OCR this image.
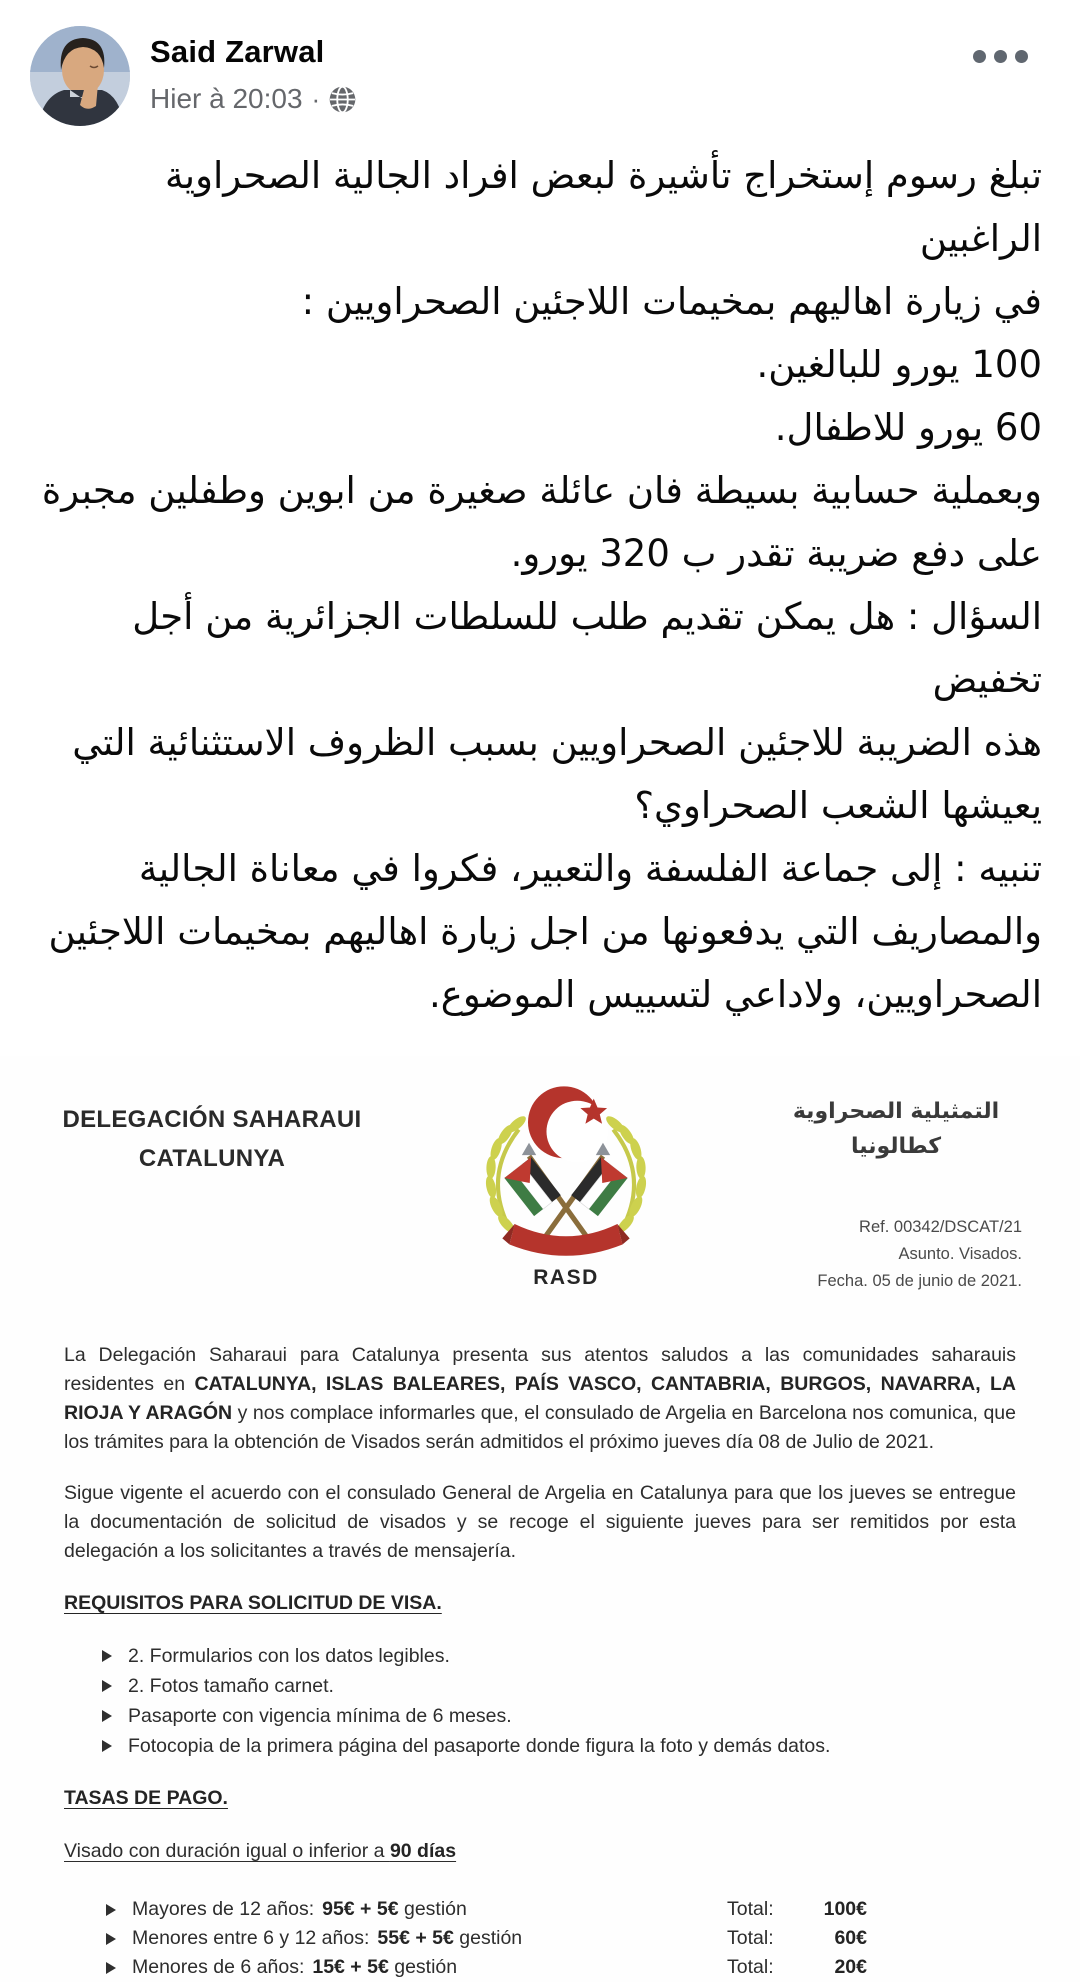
Said Zarwal
Hier à 20:03 ·
تبلغ رسوم إستخراج تأشيرة لبعض افراد الجالية الصحراوية الراغبين
في زيارة اهاليهم بمخيمات اللاجئين الصحراويين :
100 يورو للبالغين.
60 يورو للاطفال.
وبعملية حسابية بسيطة فان عائلة صغيرة من ابوين وطفلين مجبرة
على دفع ضريبة تقدر ب 320 يورو.
السؤال : هل يمكن تقديم طلب للسلطات الجزائرية من أجل تخفيض
هذه الضريبة للاجئين الصحراويين بسبب الظروف الاستثنائية التي
يعيشها الشعب الصحراوي؟
تنبيه : إلى جماعة الفلسفة والتعبير، فكروا في معاناة الجالية
والمصاريف التي يدفعونها من اجل زيارة اهاليهم بمخيمات اللاجئين
الصحراويين، ولاداعي لتسييس الموضوع.
DELEGACIÓN SAHARAUI
CATALUNYA
RASD
التمثيلية الصحراوية
كطالونيا
Ref. 00342/DSCAT/21
Asunto. Visados.
Fecha. 05 de junio de 2021.

La Delegación Saharaui para Catalunya presenta sus atentos saludos a las comunidades saharauis residentes en CATALUNYA, ISLAS BALEARES, PAÍS VASCO, CANTABRIA, BURGOS, NAVARRA, LA RIOJA Y ARAGÓN y nos complace informarles que, el consulado de Argelia en Barcelona nos comunica, que los trámites para la obtención de Visados serán admitidos el próximo jueves día 08 de Julio de 2021.

Sigue vigente el acuerdo con el consulado General de Argelia en Catalunya para que los jueves se entregue la documentación de solicitud de visados y se recoge el siguiente jueves para ser remitidos por esta delegación a los solicitantes a través de mensajería.

REQUISITOS PARA SOLICITUD DE VISA.
2. Formularios con los datos legibles.
2. Fotos tamaño carnet.
Pasaporte con vigencia mínima de 6 meses.
Fotocopia de la primera página del pasaporte donde figura la foto y demás datos.
TASAS DE PAGO.
Visado con duración igual o inferior a 90 días
Mayores de 12 años: 95€ + 5€ gestión	Total:	100€
Menores entre 6 y 12 años: 55€ + 5€ gestión	Total:	60€
Menores de 6 años: 15€ + 5€ gestión	Total:	20€
